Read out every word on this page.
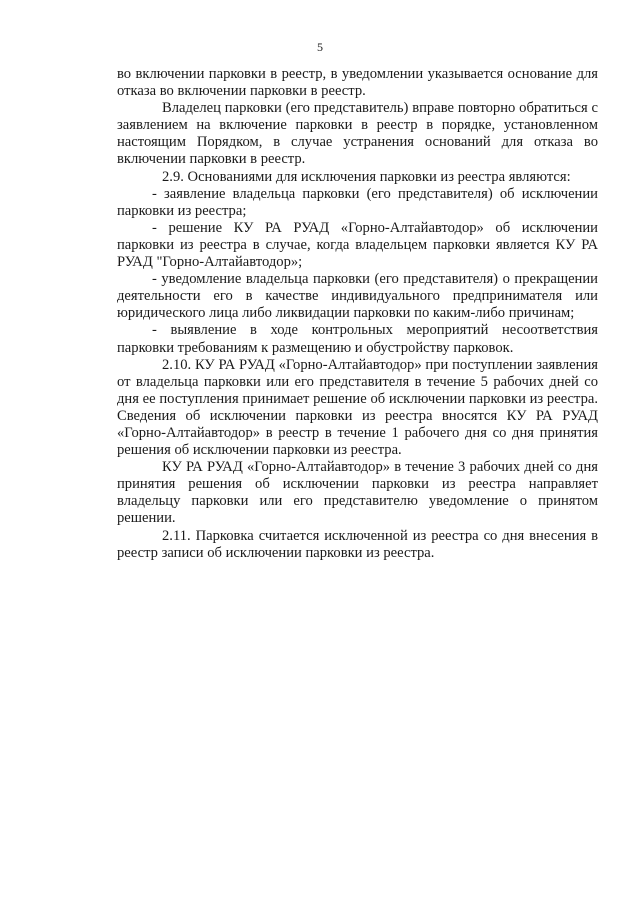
5

во включении парковки в реестр, в уведомлении указывается основание для отказа во включении парковки в реестр.

Владелец парковки (его представитель) вправе повторно обратиться с заявлением на включение парковки в реестр в порядке, установленном настоящим Порядком, в случае устранения оснований для отказа во включении парковки в реестр.

2.9. Основаниями для исключения парковки из реестра являются:

- заявление владельца парковки (его представителя) об исключении парковки из реестра;

- решение КУ РА РУАД «Горно-Алтайавтодор» об исключении парковки из реестра в случае, когда владельцем парковки является КУ РА РУАД "Горно-Алтайавтодор»;

- уведомление владельца парковки (его представителя) о прекращении деятельности его в качестве индивидуального предпринимателя или юридического лица либо ликвидации парковки по каким-либо причинам;

- выявление в ходе контрольных мероприятий несоответствия парковки требованиям к размещению и обустройству парковок.

2.10. КУ РА РУАД «Горно-Алтайавтодор» при поступлении заявления от владельца парковки или его представителя в течение 5 рабочих дней со дня ее поступления принимает решение об исключении парковки из реестра. Сведения об исключении парковки из реестра вносятся КУ РА РУАД «Горно-Алтайавтодор» в реестр в течение 1 рабочего дня со дня принятия решения об исключении парковки из реестра.

КУ РА РУАД «Горно-Алтайавтодор» в течение 3 рабочих дней со дня принятия решения об исключении парковки из реестра направляет владельцу парковки или его представителю уведомление о принятом решении.

2.11. Парковка считается исключенной из реестра со дня внесения в реестр записи об исключении парковки из реестра.
